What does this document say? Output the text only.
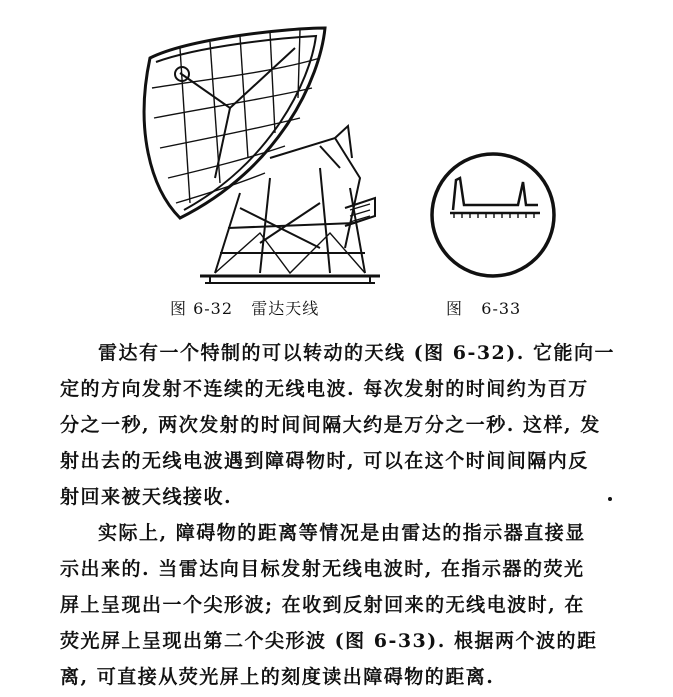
图 6-32   雷达天线	图   6-33
雷达有一个特制的可以转动的天线 (图 6-32). 它能向一
定的方向发射不连续的无线电波. 每次发射的时间约为百万
分之一秒, 两次发射的时间间隔大约是万分之一秒. 这样, 发
射出去的无线电波遇到障碍物时, 可以在这个时间间隔内反
射回来被天线接收.
实际上, 障碍物的距离等情况是由雷达的指示器直接显
示出来的. 当雷达向目标发射无线电波时, 在指示器的荧光
屏上呈现出一个尖形波; 在收到反射回来的无线电波时, 在
荧光屏上呈现出第二个尖形波 (图 6-33). 根据两个波的距
离, 可直接从荧光屏上的刻度读出障碍物的距离.
